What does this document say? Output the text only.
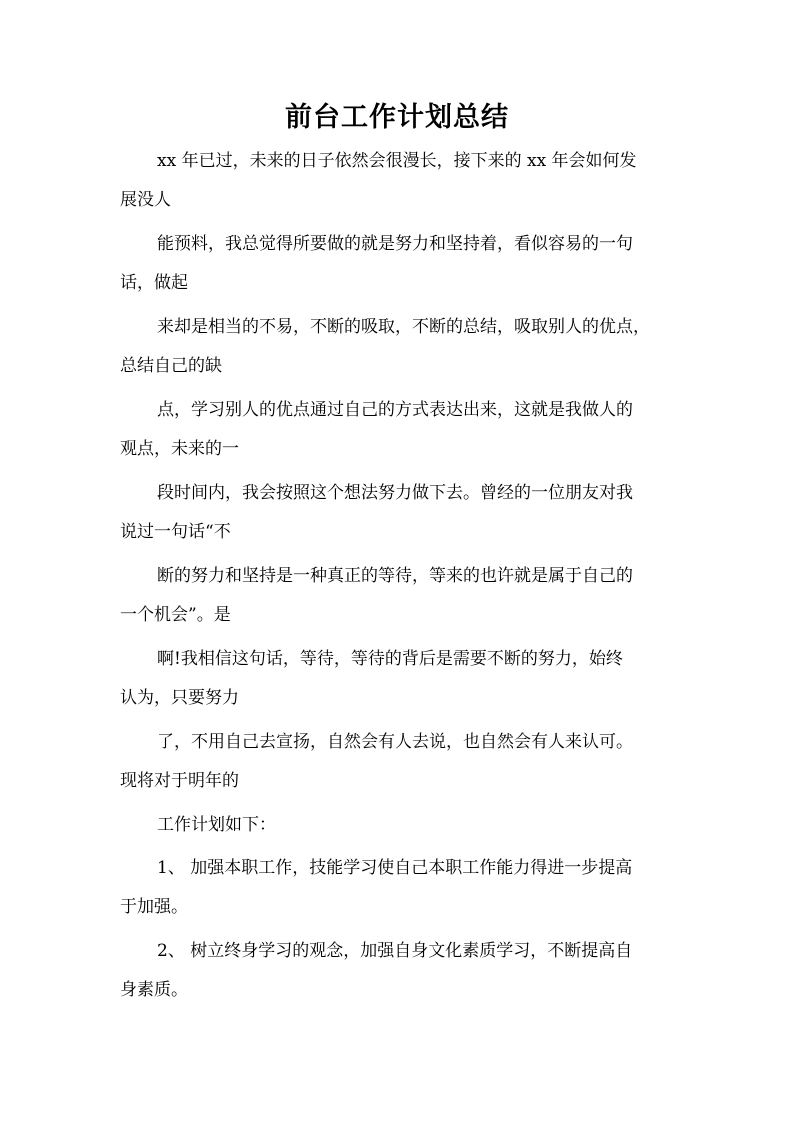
前台工作计划总结
xx 年已过，未来的日子依然会很漫长，接下来的 xx 年会如何发
展没人
能预料，我总觉得所要做的就是努力和坚持着，看似容易的一句
话，做起
来却是相当的不易，不断的吸取，不断的总结，吸取别人的优点，
总结自己的缺
点，学习别人的优点通过自己的方式表达出来，这就是我做人的
观点，未来的一
段时间内，我会按照这个想法努力做下去。曾经的一位朋友对我
说过一句话“不
断的努力和坚持是一种真正的等待，等来的也许就是属于自己的
一个机会”。是
啊!我相信这句话，等待，等待的背后是需要不断的努力，始终
认为，只要努力
了，不用自己去宣扬，自然会有人去说，也自然会有人来认可。
现将对于明年的
工作计划如下：
1、 加强本职工作，技能学习使自己本职工作能力得进一步提高
于加强。
2、 树立终身学习的观念，加强自身文化素质学习，不断提高自
身素质。
